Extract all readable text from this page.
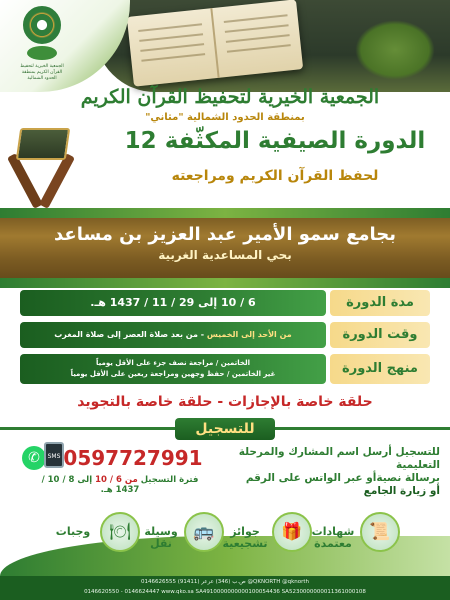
الجمعية الخيرية لتحفيظ
القرآن الكريم بمنطقة
الحدود الشمالية
الجمعية الخيرية لتحفيظ القرآن الكريم
بمنطقة الحدود الشمالية "مثاني"
الدورة الصيفية المكثّفة 12
لحفظ القرآن الكريم ومراجعته
بجامع سمو الأمير عبد العزيز بن مساعد
بحي المساعدية الغربية
مدة الدورة
6 / 10 إلى 29 / 11 / 1437 هـ.
وقت الدورة
من الأحد إلى الخميس - من بعد صلاة العصر إلى صلاة المغرب
منهج الدورة
الخاتمين / مراجعة نصف جزء على الأقل يومياً
غير الخاتمين / حفظ وجهين ومراجعة ربعين على الأقل يومياً
حلقة خاصة بالإجازات - حلقة خاصة بالتجويد
للتسجيل
للتسجيل أرسل اسم المشارك والمرحلة التعليمية
برسالة نصيةأو عبر الواتس على الرقم
أو زيارة الجامع
✆	SMS 0597727991
فترة التسجيل من 6 / 10 إلى 8 / 10 / 1437 هـ.
📜
شهادات معتمدة
🎁
جوائز تشجيعية
🚌
وسيلة نقل
🍽
وجبات
ص.ب (346) عرعر (91411) 0146626555 @QKNORTH @qknorth
0146620550 - 0146624447 www.qko.sa SA4910000000000100054436 SA5230000000011361000108
